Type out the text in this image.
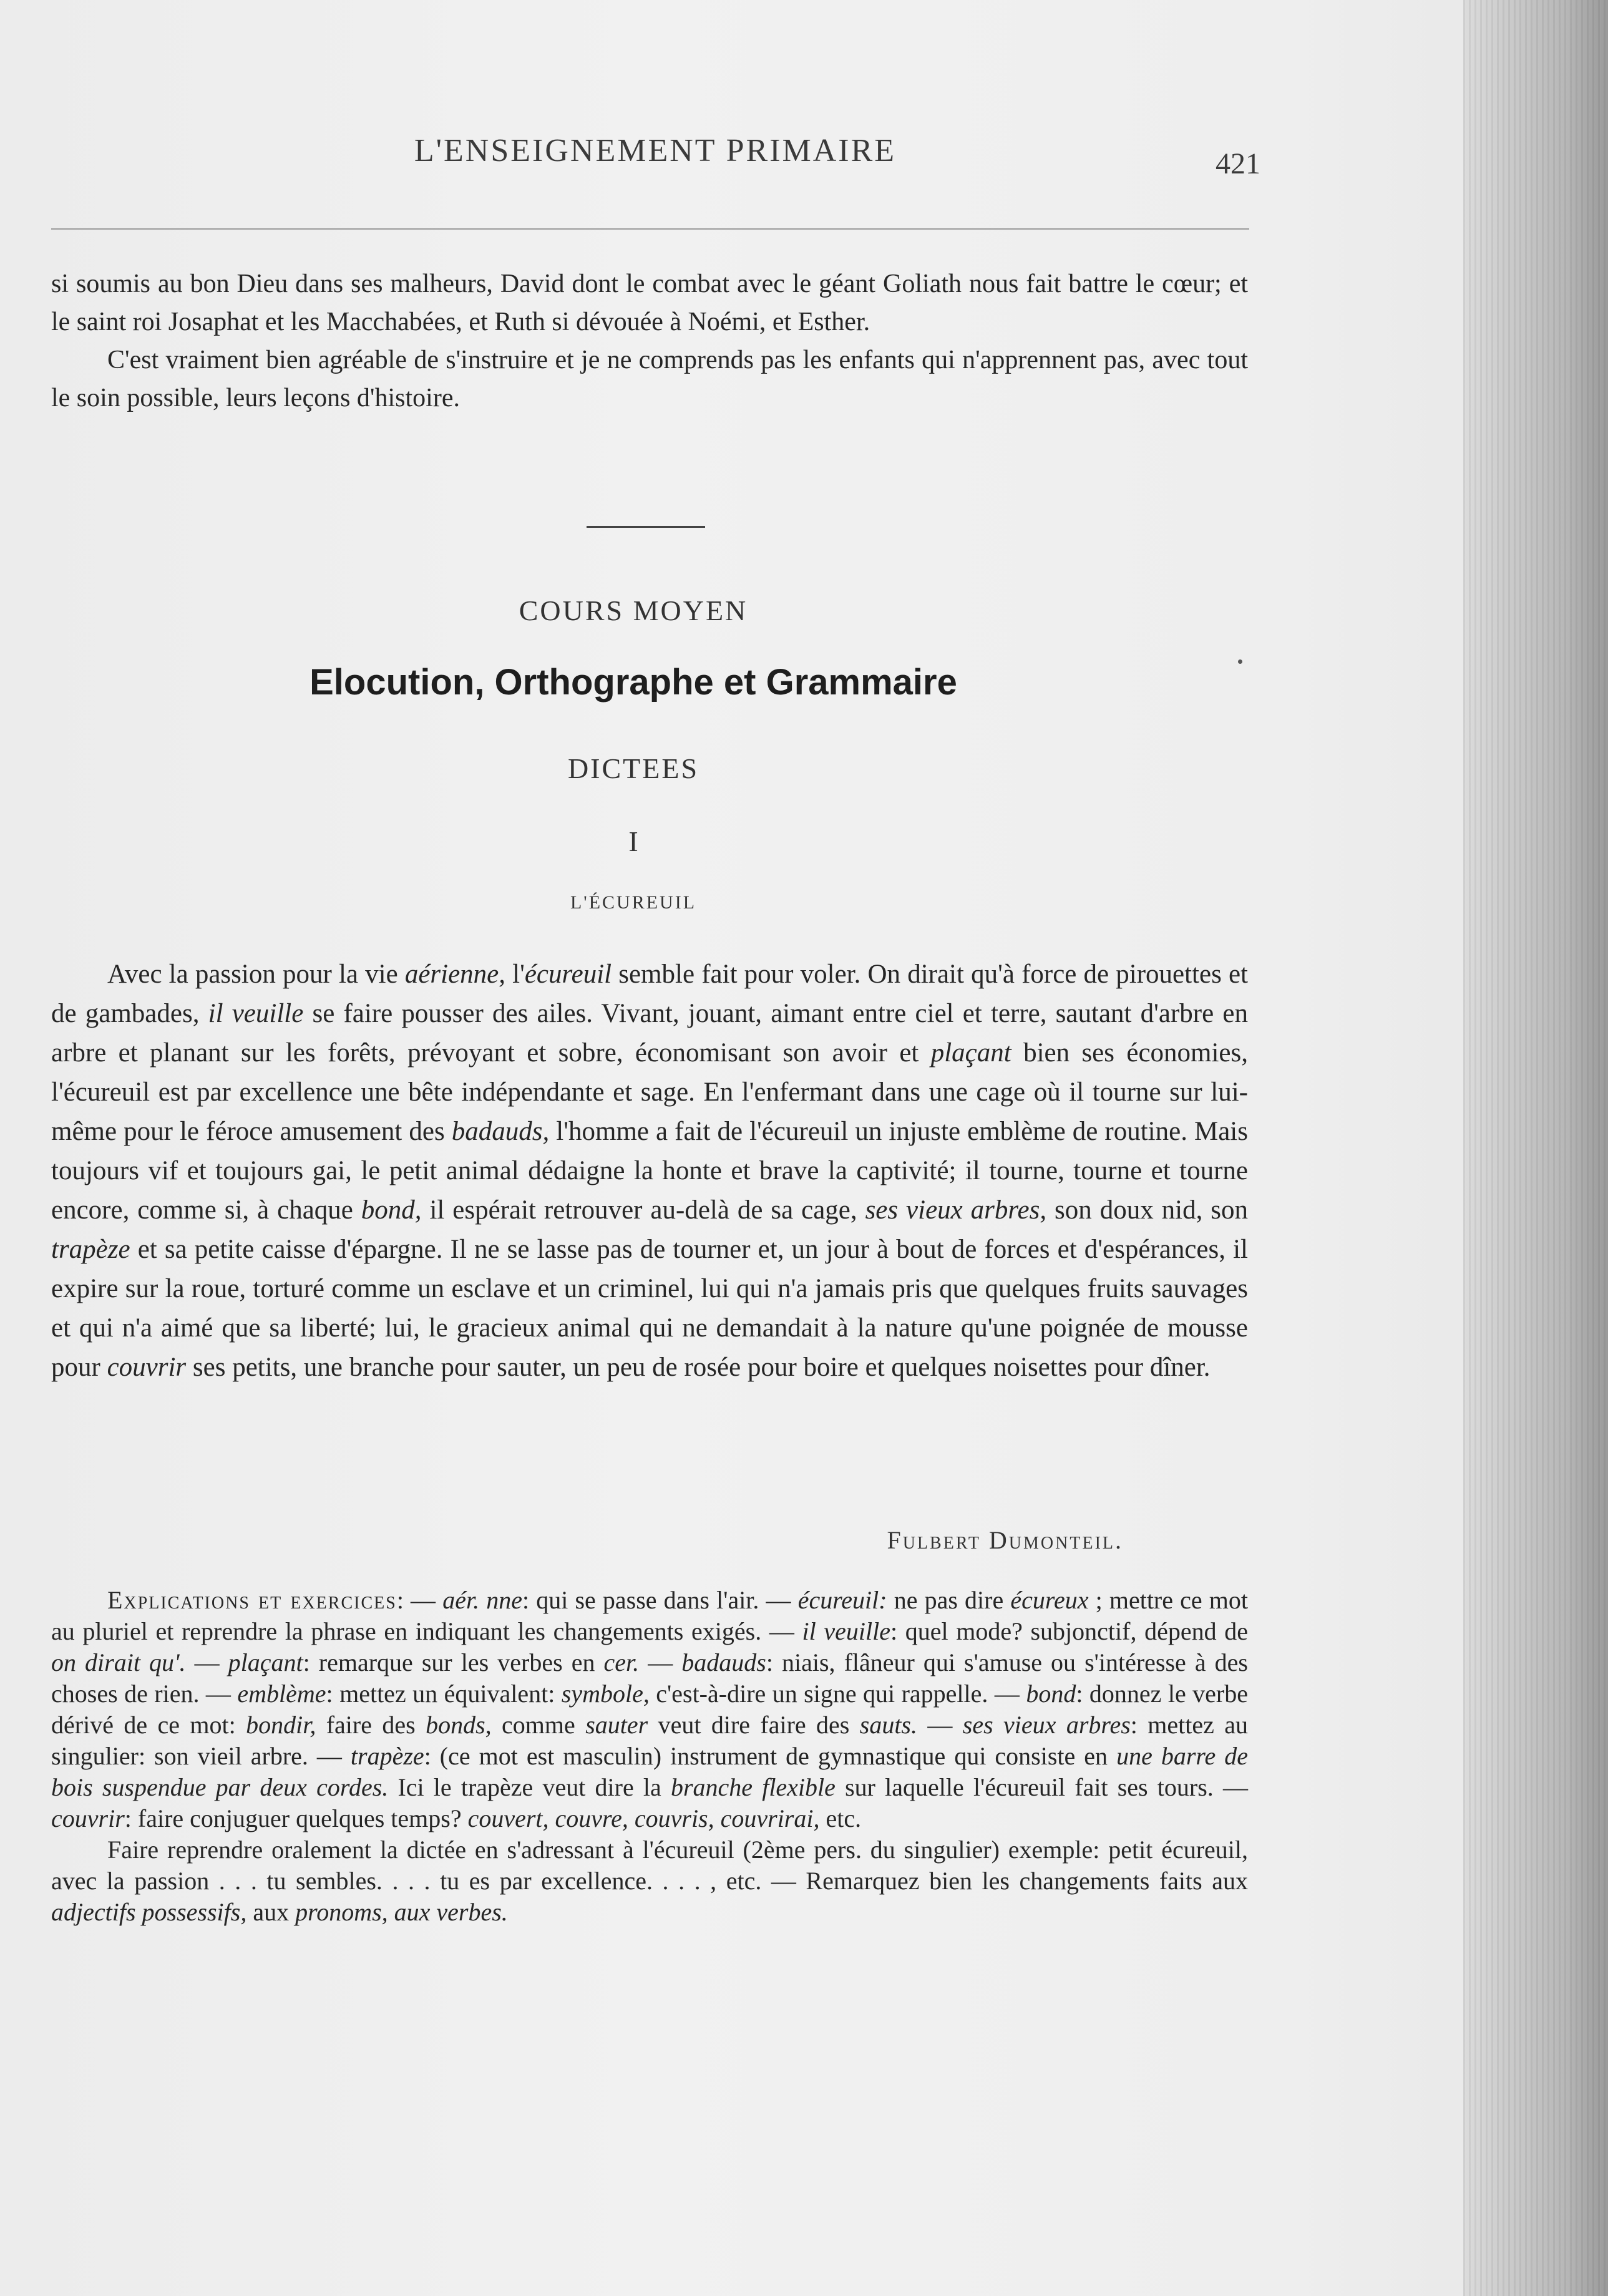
L'ENSEIGNEMENT PRIMAIRE	421

si soumis au bon Dieu dans ses malheurs, David dont le combat avec le géant Goliath nous fait battre le cœur; et le saint roi Josaphat et les Macchabées, et Ruth si dévouée à Noémi, et Esther.

C'est vraiment bien agréable de s'instruire et je ne comprends pas les enfants qui n'apprennent pas, avec tout le soin possible, leurs leçons d'histoire.

COURS MOYEN
Elocution, Orthographe et Grammaire
DICTEES
I
L'ÉCUREUIL

Avec la passion pour la vie aérienne, l'écureuil semble fait pour voler. On dirait qu'à force de pirouettes et de gambades, il veuille se faire pousser des ailes. Vivant, jouant, aimant entre ciel et terre, sautant d'arbre en arbre et planant sur les forêts, prévoyant et sobre, économisant son avoir et plaçant bien ses économies, l'écureuil est par excellence une bête indépendante et sage. En l'enfermant dans une cage où il tourne sur lui-même pour le féroce amusement des badauds, l'homme a fait de l'écureuil un injuste emblème de routine. Mais toujours vif et toujours gai, le petit animal dédaigne la honte et brave la captivité; il tourne, tourne et tourne encore, comme si, à chaque bond, il espérait retrouver au-delà de sa cage, ses vieux arbres, son doux nid, son trapèze et sa petite caisse d'épargne. Il ne se lasse pas de tourner et, un jour à bout de forces et d'espérances, il expire sur la roue, torturé comme un esclave et un criminel, lui qui n'a jamais pris que quelques fruits sauvages et qui n'a aimé que sa liberté; lui, le gracieux animal qui ne demandait à la nature qu'une poignée de mousse pour couvrir ses petits, une branche pour sauter, un peu de rosée pour boire et quelques noisettes pour dîner.

Fulbert Dumonteil.

Explications et exercices: — aér. nne: qui se passe dans l'air. — écureuil: ne pas dire écureux ; mettre ce mot au pluriel et reprendre la phrase en indiquant les changements exigés. — il veuille: quel mode? subjonctif, dépend de on dirait qu'. — plaçant: remarque sur les verbes en cer. — badauds: niais, flâneur qui s'amuse ou s'intéresse à des choses de rien. — emblème: mettez un équivalent: symbole, c'est-à-dire un signe qui rappelle. — bond: donnez le verbe dérivé de ce mot: bondir, faire des bonds, comme sauter veut dire faire des sauts. — ses vieux arbres: mettez au singulier: son vieil arbre. — trapèze: (ce mot est masculin) instrument de gymnastique qui consiste en une barre de bois suspendue par deux cordes. Ici le trapèze veut dire la branche flexible sur laquelle l'écureuil fait ses tours. — couvrir: faire conjuguer quelques temps? couvert, couvre, couvris, couvrirai, etc.

Faire reprendre oralement la dictée en s'adressant à l'écureuil (2ème pers. du singulier) exemple: petit écureuil, avec la passion . . . tu sembles. . . . tu es par excellence. . . . , etc. — Remarquez bien les changements faits aux adjectifs possessifs, aux pronoms, aux verbes.
